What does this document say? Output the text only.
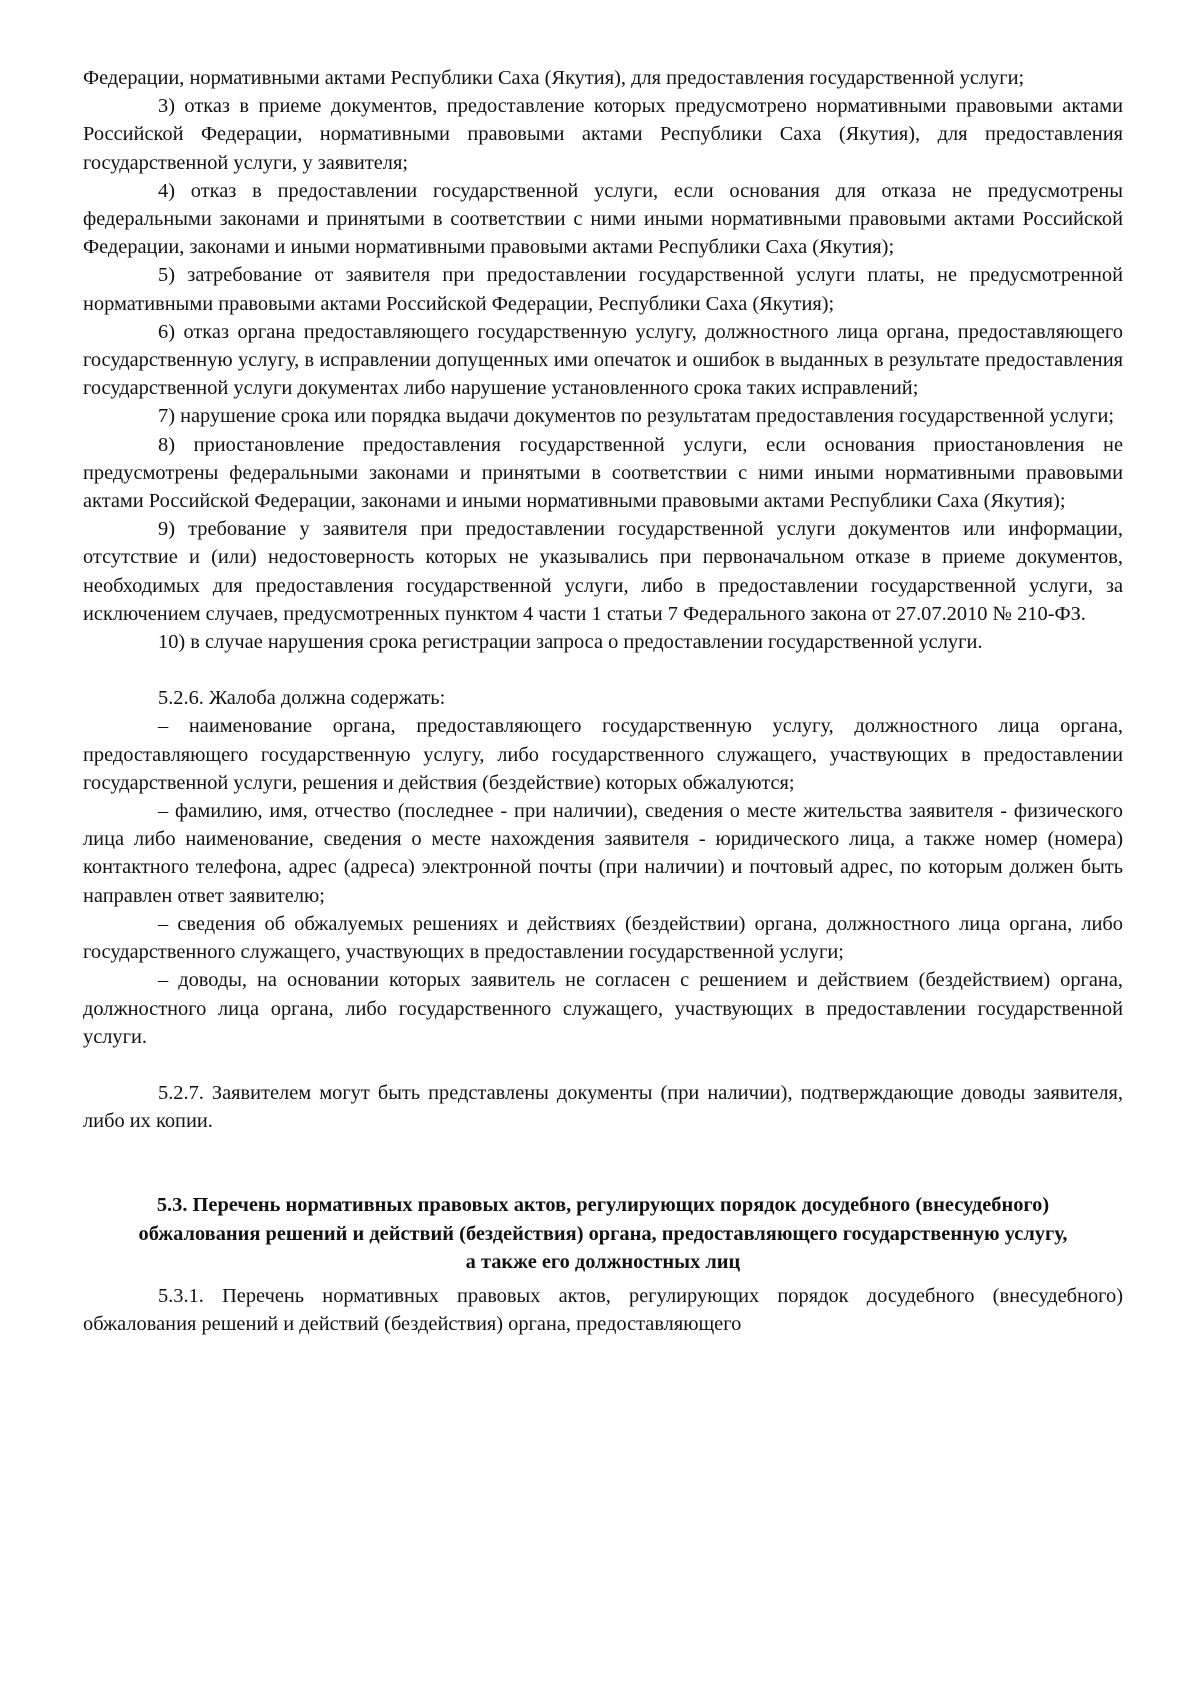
Федерации, нормативными актами Республики Саха (Якутия), для предоставления государственной услуги;

3) отказ в приеме документов, предоставление которых предусмотрено нормативными правовыми актами Российской Федерации, нормативными правовыми актами Республики Саха (Якутия), для предоставления государственной услуги, у заявителя;

4) отказ в предоставлении государственной услуги, если основания для отказа не предусмотрены федеральными законами и принятыми в соответствии с ними иными нормативными правовыми актами Российской Федерации, законами и иными нормативными правовыми актами Республики Саха (Якутия);

5) затребование от заявителя при предоставлении государственной услуги платы, не предусмотренной нормативными правовыми актами Российской Федерации, Республики Саха (Якутия);

6) отказ органа предоставляющего государственную услугу, должностного лица органа, предоставляющего государственную услугу, в исправлении допущенных ими опечаток и ошибок в выданных в результате предоставления государственной услуги документах либо нарушение установленного срока таких исправлений;

7) нарушение срока или порядка выдачи документов по результатам предоставления государственной услуги;

8) приостановление предоставления государственной услуги, если основания приостановления не предусмотрены федеральными законами и принятыми в соответствии с ними иными нормативными правовыми актами Российской Федерации, законами и иными нормативными правовыми актами Республики Саха (Якутия);

9) требование у заявителя при предоставлении государственной услуги документов или информации, отсутствие и (или) недостоверность которых не указывались при первоначальном отказе в приеме документов, необходимых для предоставления государственной услуги, либо в предоставлении государственной услуги, за исключением случаев, предусмотренных пунктом 4 части 1 статьи 7 Федерального закона от 27.07.2010 № 210-ФЗ.

10) в случае нарушения срока регистрации запроса о предоставлении государственной услуги.

5.2.6. Жалоба должна содержать:

– наименование органа, предоставляющего государственную услугу, должностного лица органа, предоставляющего государственную услугу, либо государственного служащего, участвующих в предоставлении государственной услуги, решения и действия (бездействие) которых обжалуются;

– фамилию, имя, отчество (последнее - при наличии), сведения о месте жительства заявителя - физического лица либо наименование, сведения о месте нахождения заявителя - юридического лица, а также номер (номера) контактного телефона, адрес (адреса) электронной почты (при наличии) и почтовый адрес, по которым должен быть направлен ответ заявителю;

– сведения об обжалуемых решениях и действиях (бездействии) органа, должностного лица органа, либо государственного служащего, участвующих в предоставлении государственной услуги;

– доводы, на основании которых заявитель не согласен с решением и действием (бездействием) органа, должностного лица органа, либо государственного служащего, участвующих в предоставлении государственной услуги.

5.2.7. Заявителем могут быть представлены документы (при наличии), подтверждающие доводы заявителя, либо их копии.

5.3. Перечень нормативных правовых актов, регулирующих порядок досудебного (внесудебного) обжалования решений и действий (бездействия) органа, предоставляющего государственную услугу, а также его должностных лиц

5.3.1. Перечень нормативных правовых актов, регулирующих порядок досудебного (внесудебного) обжалования решений и действий (бездействия) органа, предоставляющего
